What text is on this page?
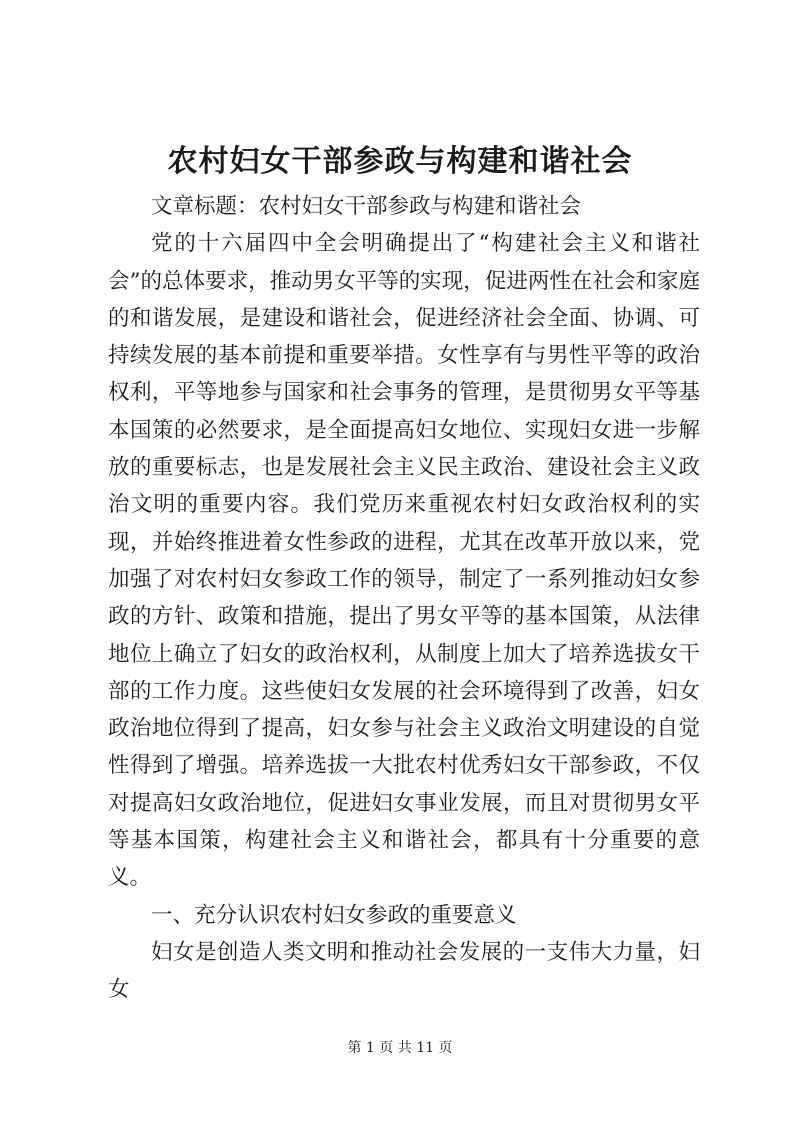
农村妇女干部参政与构建和谐社会

文章标题：农村妇女干部参政与构建和谐社会

党的十六届四中全会明确提出了“构建社会主义和谐社会”的总体要求，推动男女平等的实现，促进两性在社会和家庭的和谐发展，是建设和谐社会，促进经济社会全面、协调、可持续发展的基本前提和重要举措。女性享有与男性平等的政治权利，平等地参与国家和社会事务的管理，是贯彻男女平等基本国策的必然要求，是全面提高妇女地位、实现妇女进一步解放的重要标志，也是发展社会主义民主政治、建设社会主义政治文明的重要内容。我们党历来重视农村妇女政治权利的实现，并始终推进着女性参政的进程，尤其在改革开放以来，党加强了对农村妇女参政工作的领导，制定了一系列推动妇女参政的方针、政策和措施，提出了男女平等的基本国策，从法律地位上确立了妇女的政治权利，从制度上加大了培养选拔女干部的工作力度。这些使妇女发展的社会环境得到了改善，妇女政治地位得到了提高，妇女参与社会主义政治文明建设的自觉性得到了增强。培养选拔一大批农村优秀妇女干部参政，不仅对提高妇女政治地位，促进妇女事业发展，而且对贯彻男女平等基本国策，构建社会主义和谐社会，都具有十分重要的意义。

一、充分认识农村妇女参政的重要意义

妇女是创造人类文明和推动社会发展的一支伟大力量，妇女

第 1 页 共 11 页
